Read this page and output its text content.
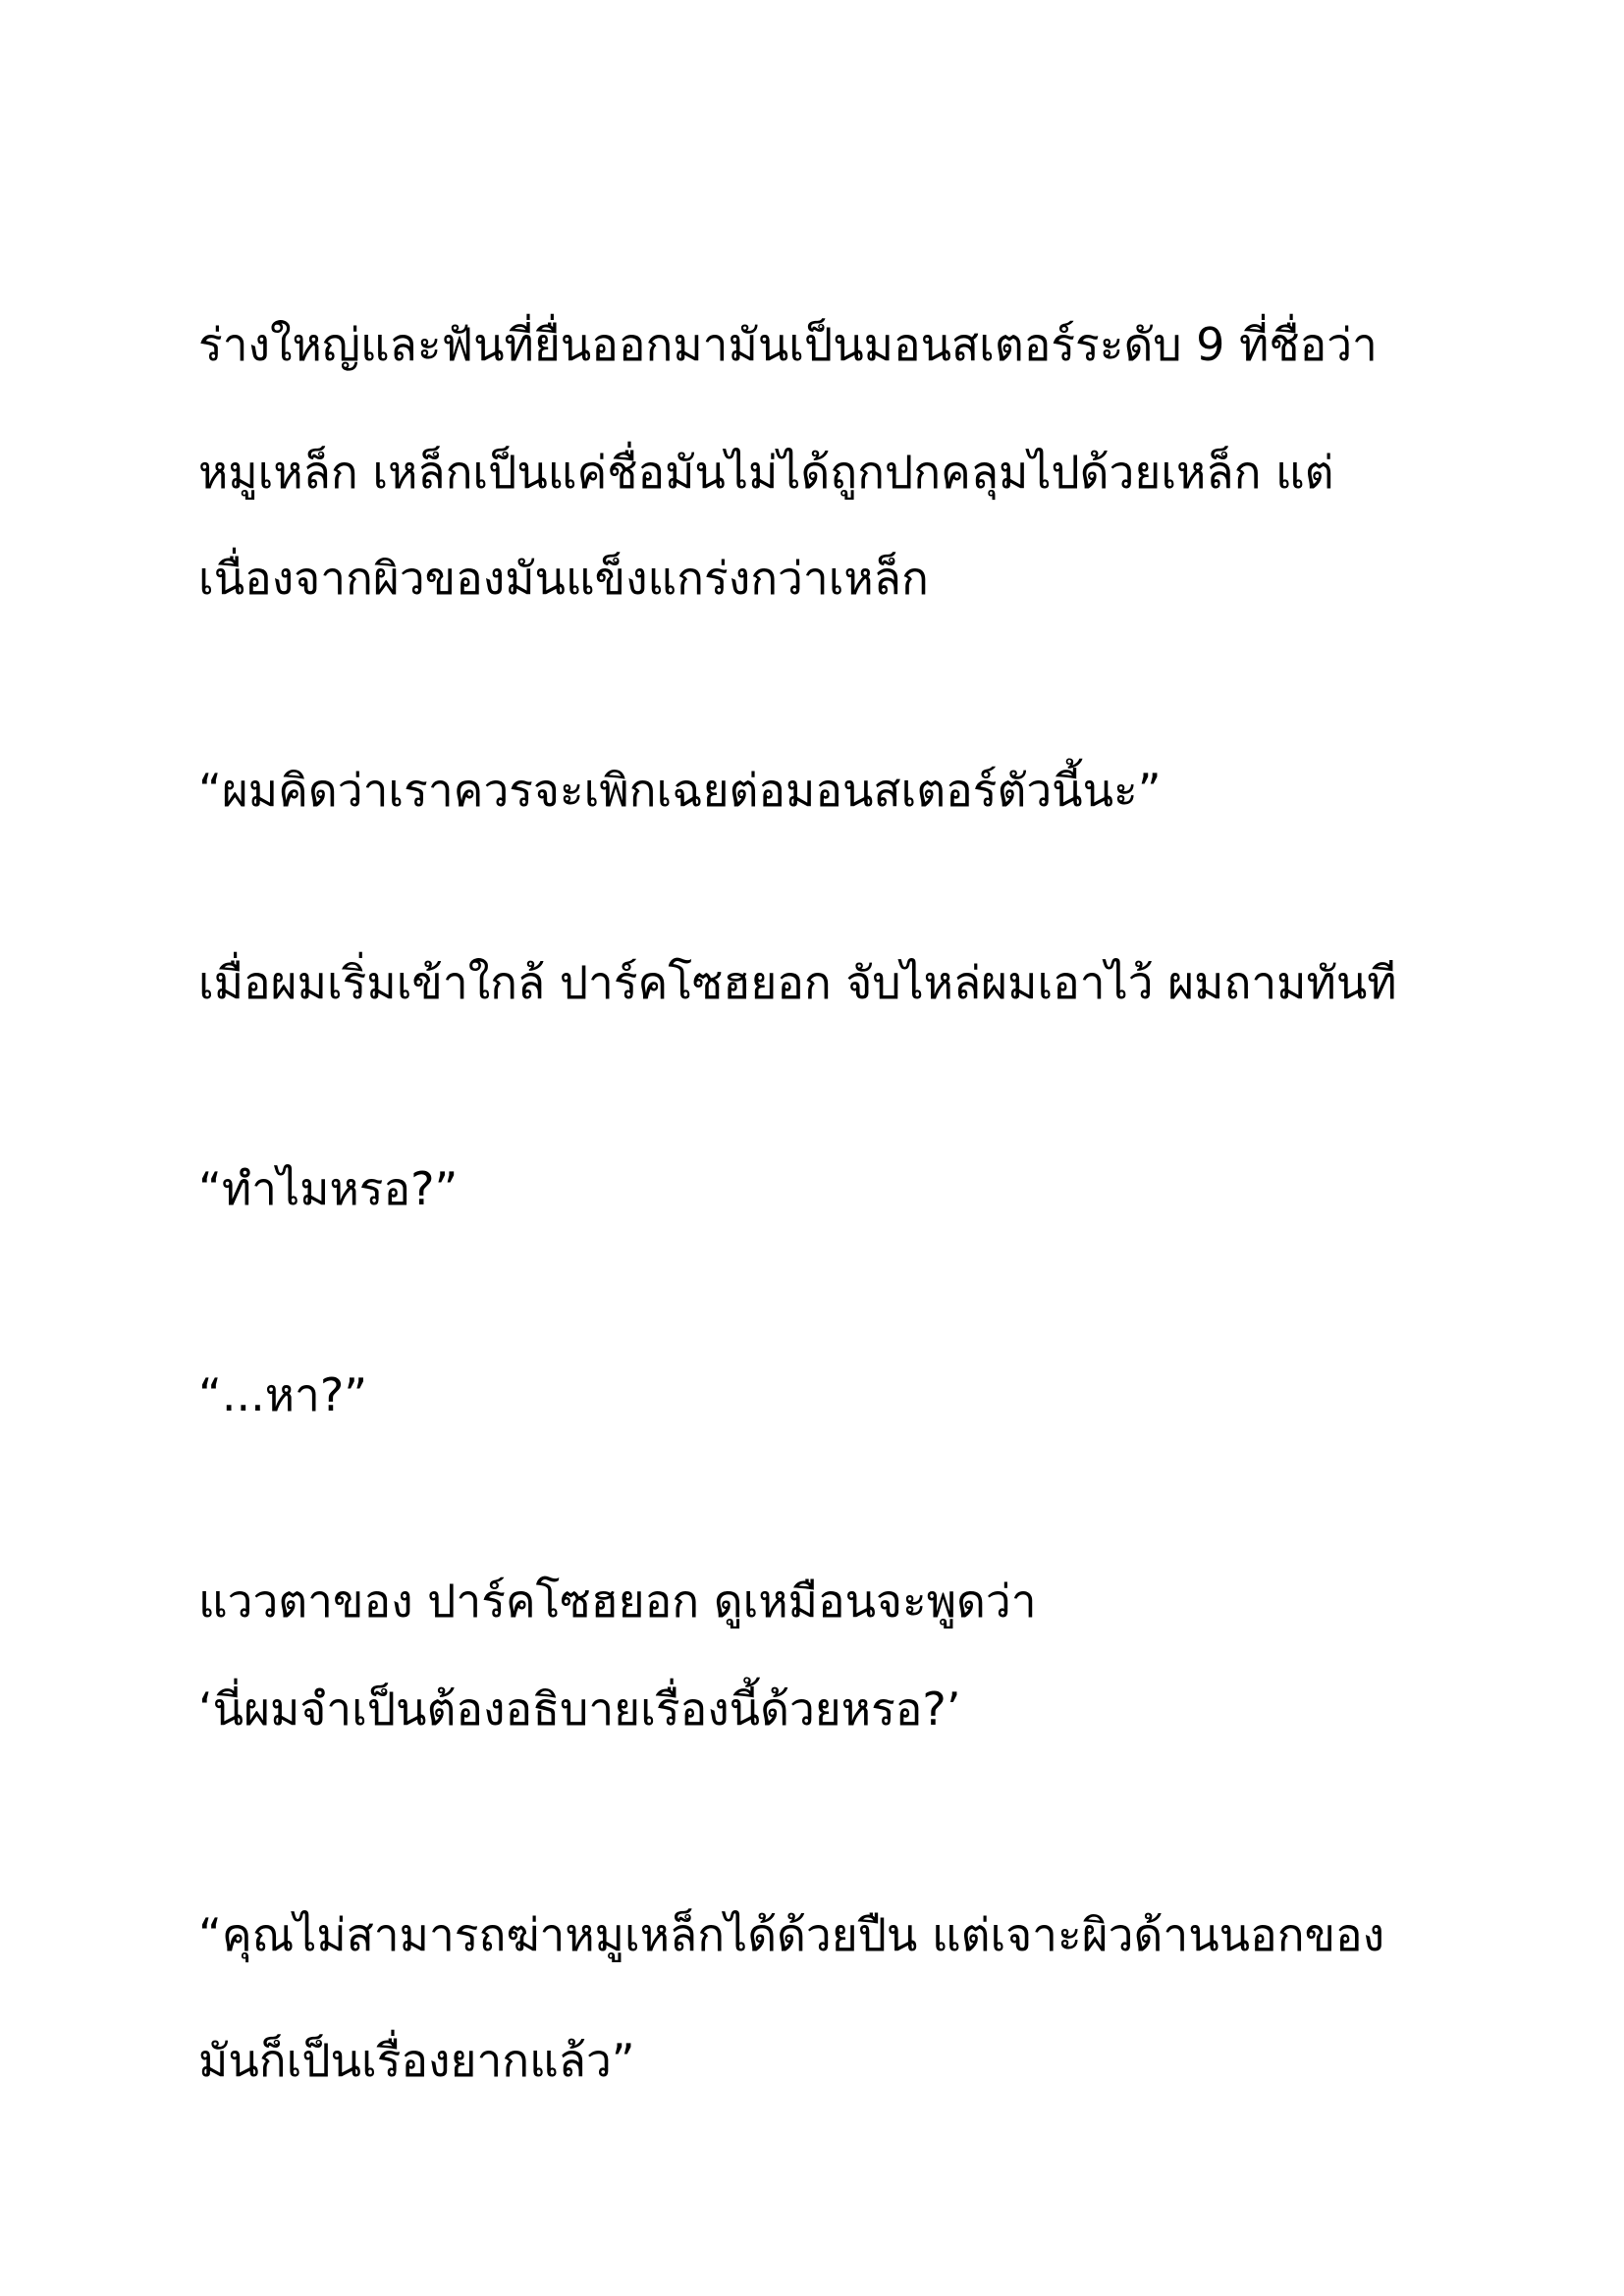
ร่างใหญ่และฟันที่ยื่นออกมามันเป็นมอนสเตอร์ระดับ 9 ที่ชื่อว่า
หมูเหล็ก เหล็กเป็นแค่ชื่อมันไม่ได้ถูกปกคลุมไปด้วยเหล็ก แต่
เนื่องจากผิวของมันแข็งแกร่งกว่าเหล็ก
“ผมคิดว่าเราควรจะเพิกเฉยต่อมอนสเตอร์ตัวนี้นะ”
เมื่อผมเริ่มเข้าใกล้ ปาร์คโซฮยอก จับไหล่ผมเอาไว้ ผมถามทันที
“ทำไมหรอ?”
“...หา?”
แววตาของ ปาร์คโซฮยอก ดูเหมือนจะพูดว่า
‘นี่ผมจำเป็นต้องอธิบายเรื่องนี้ด้วยหรอ?’
“คุณไม่สามารถฆ่าหมูเหล็กได้ด้วยปืน แต่เจาะผิวด้านนอกของ
มันก็เป็นเรื่องยากแล้ว”
